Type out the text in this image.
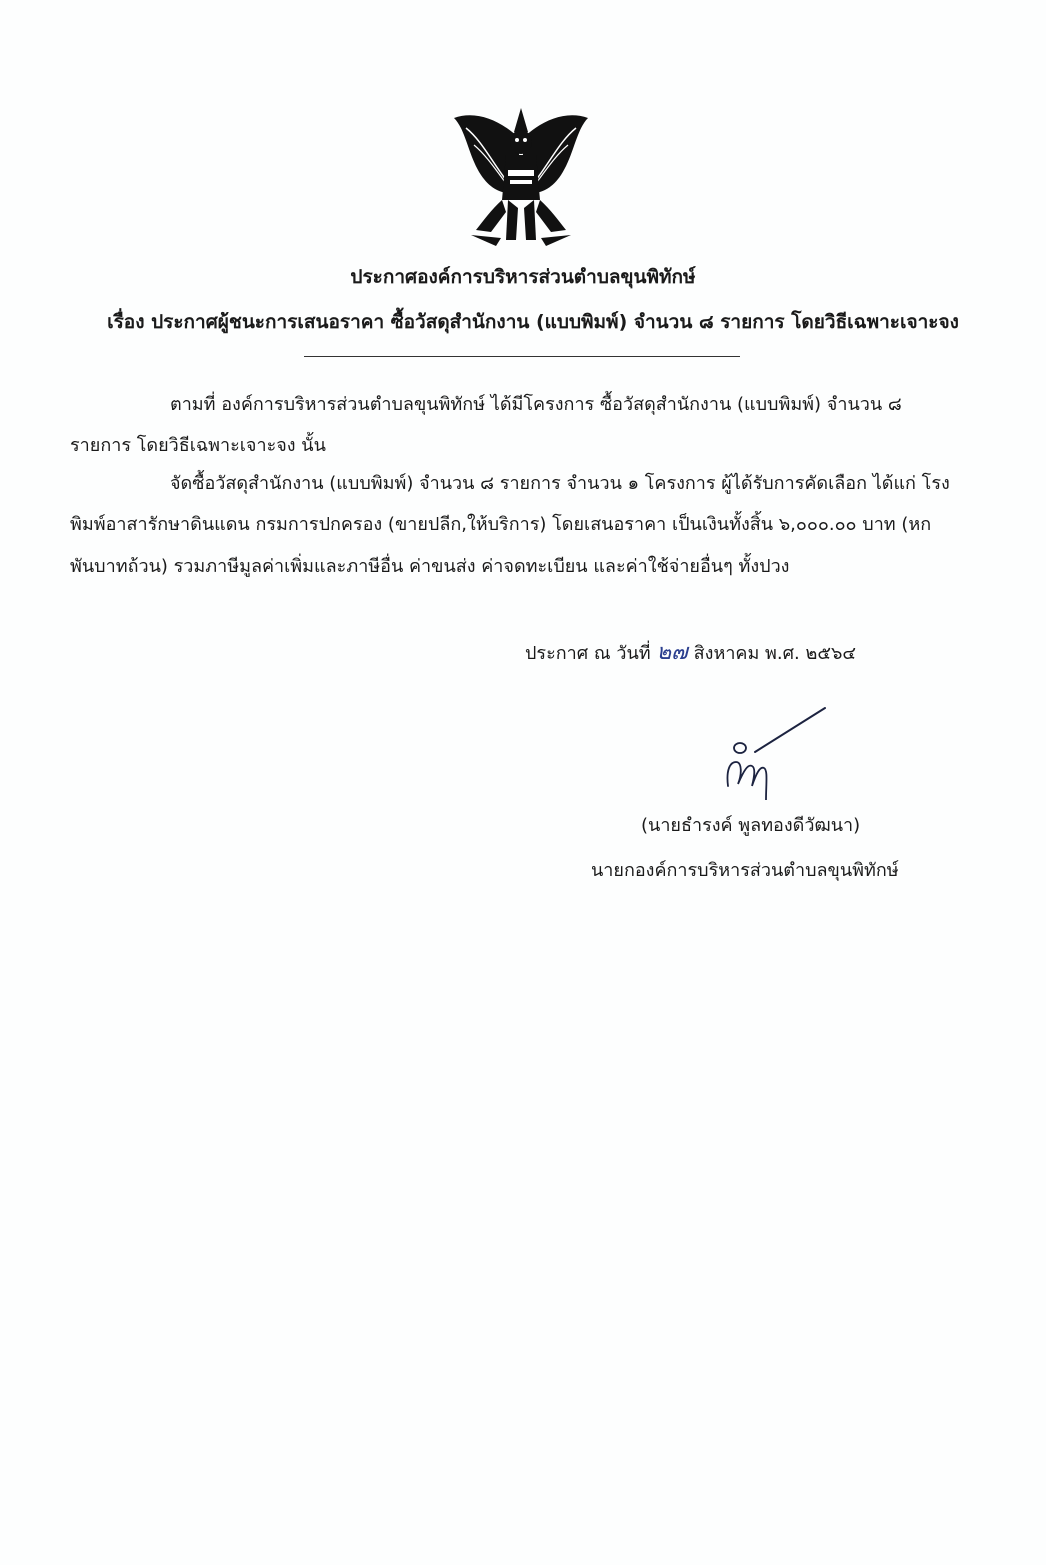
ประกาศองค์การบริหารส่วนตำบลขุนพิทักษ์
เรื่อง ประกาศผู้ชนะการเสนอราคา ซื้อวัสดุสำนักงาน (แบบพิมพ์) จำนวน ๘ รายการ โดยวิธีเฉพาะเจาะจง
ตามที่ องค์การบริหารส่วนตำบลขุนพิทักษ์ ได้มีโครงการ ซื้อวัสดุสำนักงาน (แบบพิมพ์) จำนวน ๘
รายการ โดยวิธีเฉพาะเจาะจง นั้น
จัดซื้อวัสดุสำนักงาน (แบบพิมพ์) จำนวน ๘ รายการ จำนวน ๑ โครงการ ผู้ได้รับการคัดเลือก ได้แก่ โรง
พิมพ์อาสารักษาดินแดน กรมการปกครอง (ขายปลีก,ให้บริการ) โดยเสนอราคา เป็นเงินทั้งสิ้น ๖,๐๐๐.๐๐ บาท (หก
พันบาทถ้วน) รวมภาษีมูลค่าเพิ่มและภาษีอื่น ค่าขนส่ง ค่าจดทะเบียน และค่าใช้จ่ายอื่นๆ ทั้งปวง
ประกาศ ณ วันที่ ๒๗ สิงหาคม พ.ศ. ๒๕๖๔
(นายธำรงค์ พูลทองดีวัฒนา)
นายกองค์การบริหารส่วนตำบลขุนพิทักษ์
